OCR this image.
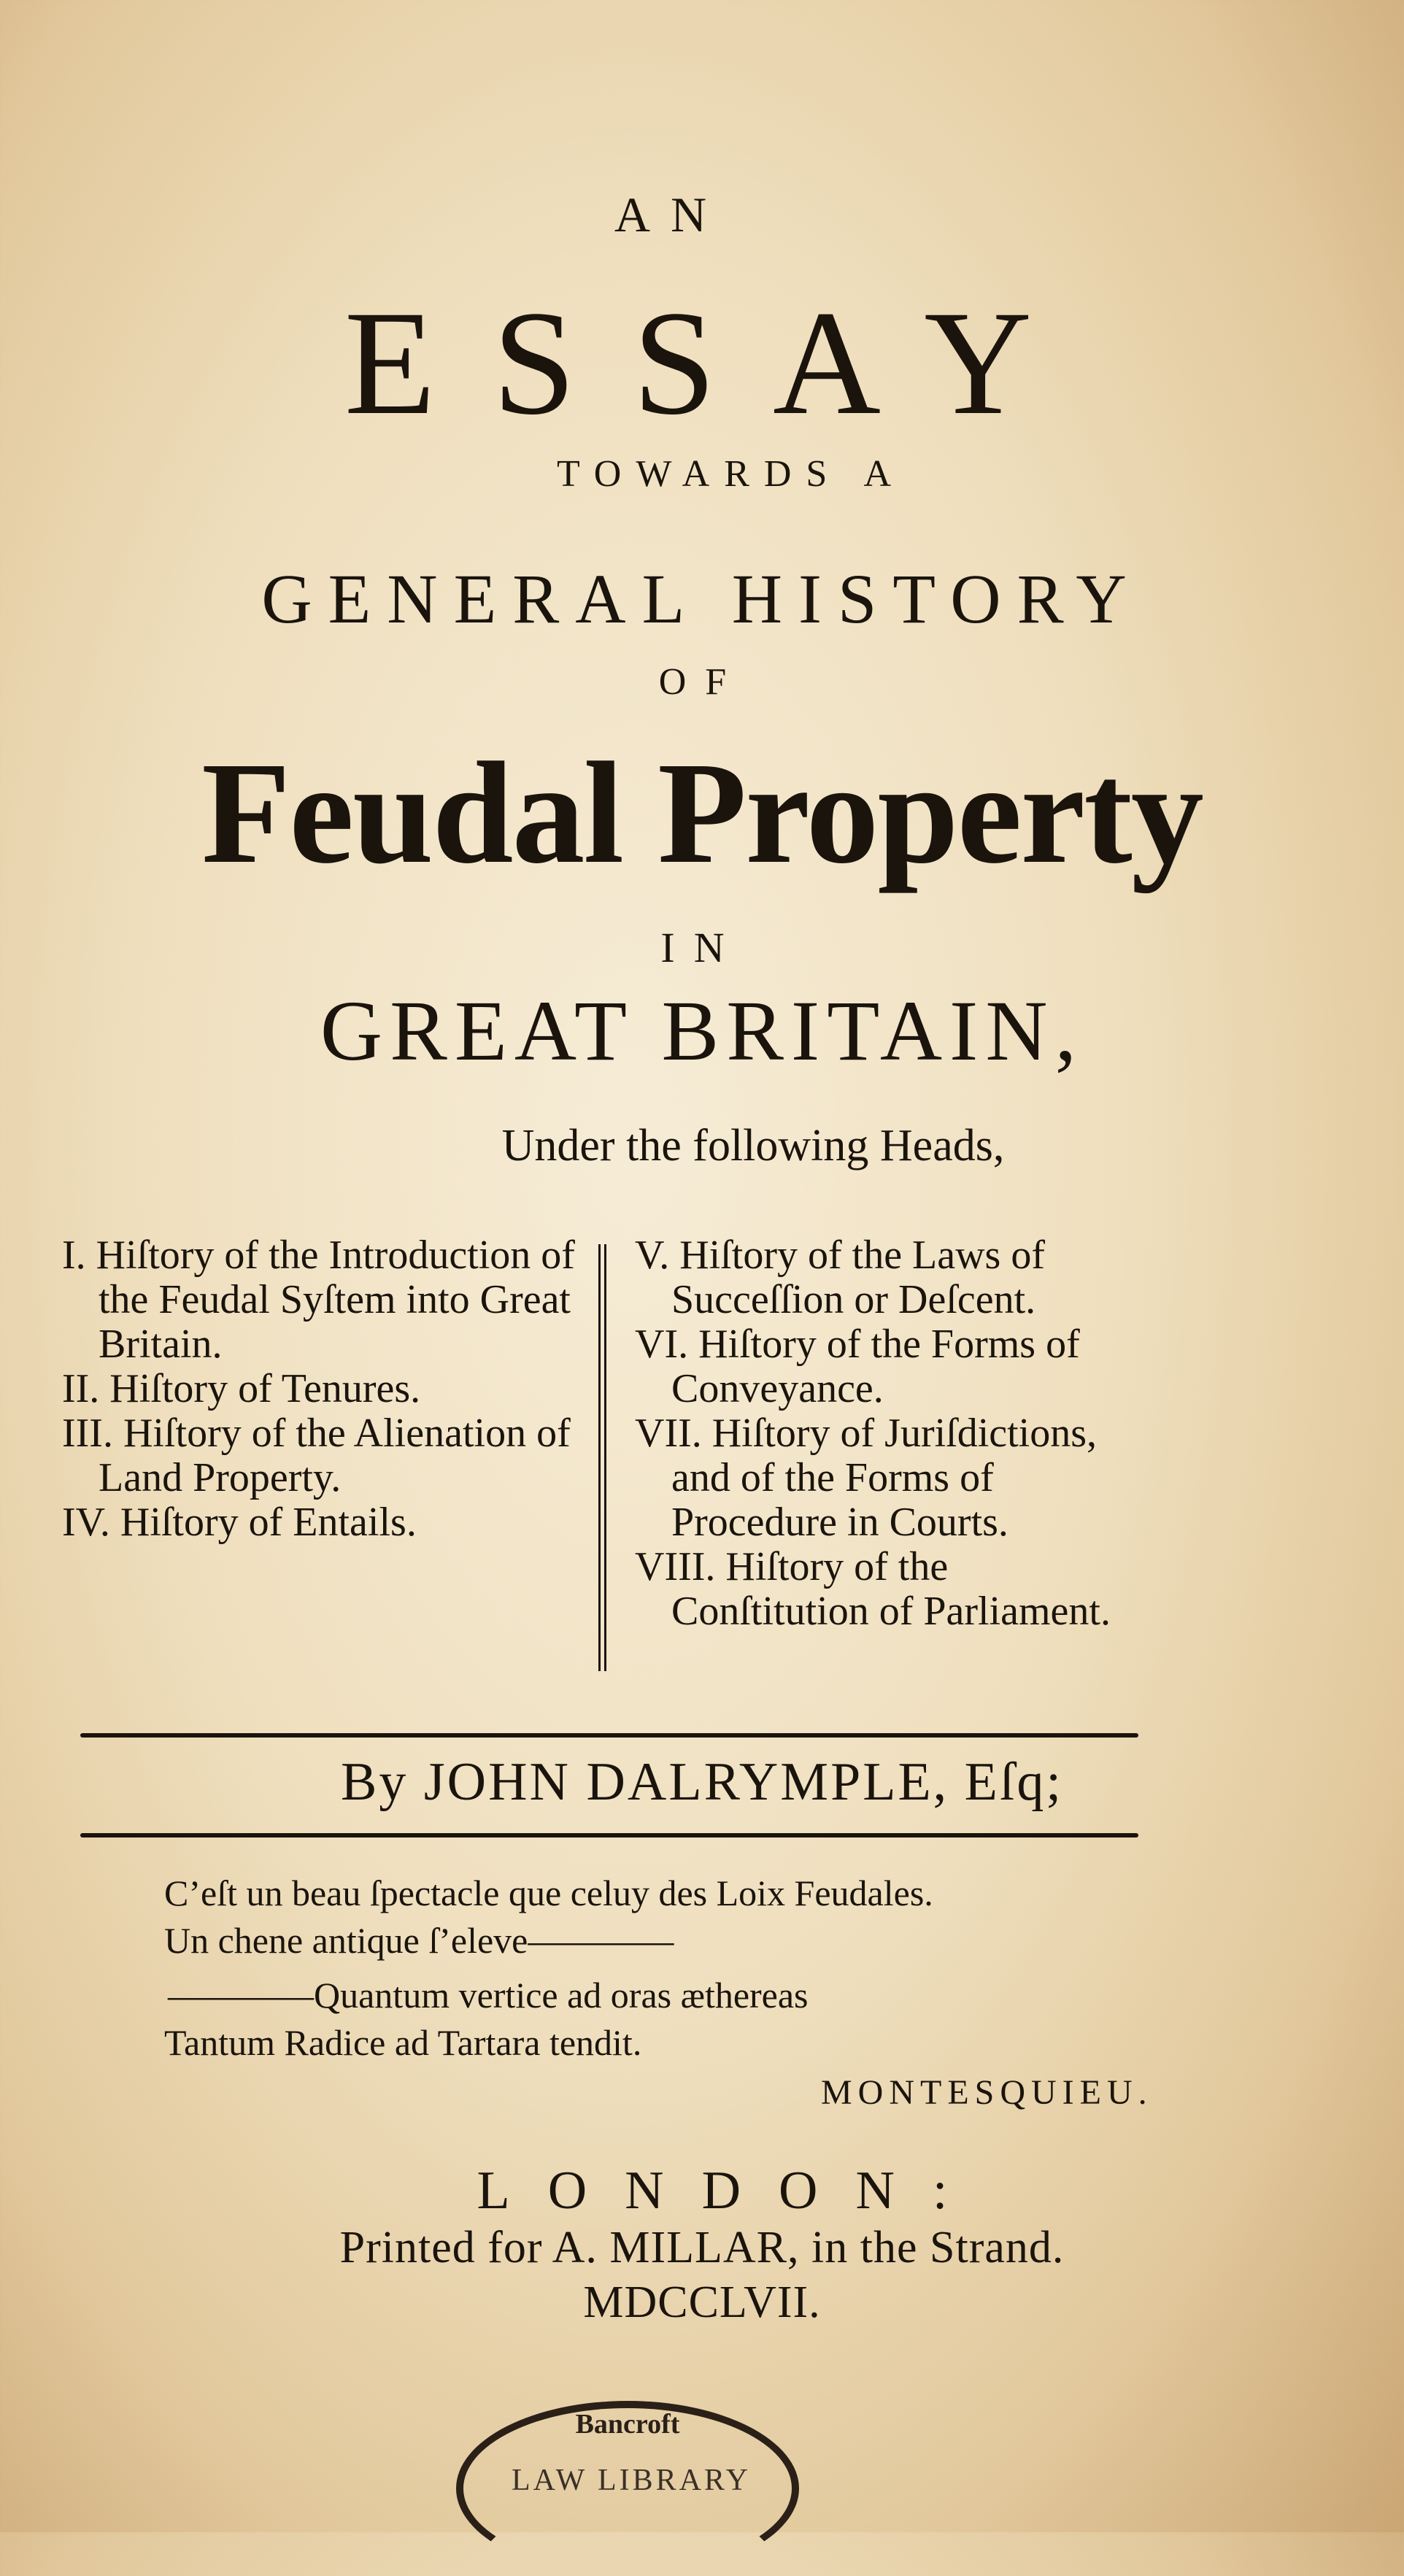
AN
ESSAY
TOWARDS A
GENERAL HISTORY
OF
Feudal Property
IN
GREAT BRITAIN,
Under the following Heads,
I. Hiſtory of the Introduction of the Feudal Syſtem into Great Britain.
II. Hiſtory of Tenures.
III. Hiſtory of the Alienation of Land Property.
IV. Hiſtory of Entails.
V. Hiſtory of the Laws of Succeſſion or Deſcent.
VI. Hiſtory of the Forms of Conveyance.
VII. Hiſtory of Juriſdictions, and of the Forms of Procedure in Courts.
VIII. Hiſtory of the Conſtitution of Parliament.
By JOHN DALRYMPLE, Eſq;
C’eſt un beau ſpectacle que celuy des Loix Feudales.
Un chene antique ſ’eleve————
————Quantum vertice ad oras æthereas
Tantum Radice ad Tartara tendit.
MONTESQUIEU.
LONDON:
Printed for A. MILLAR, in the Strand.
MDCCLVII.
Bancroft
LAW LIBRARY
